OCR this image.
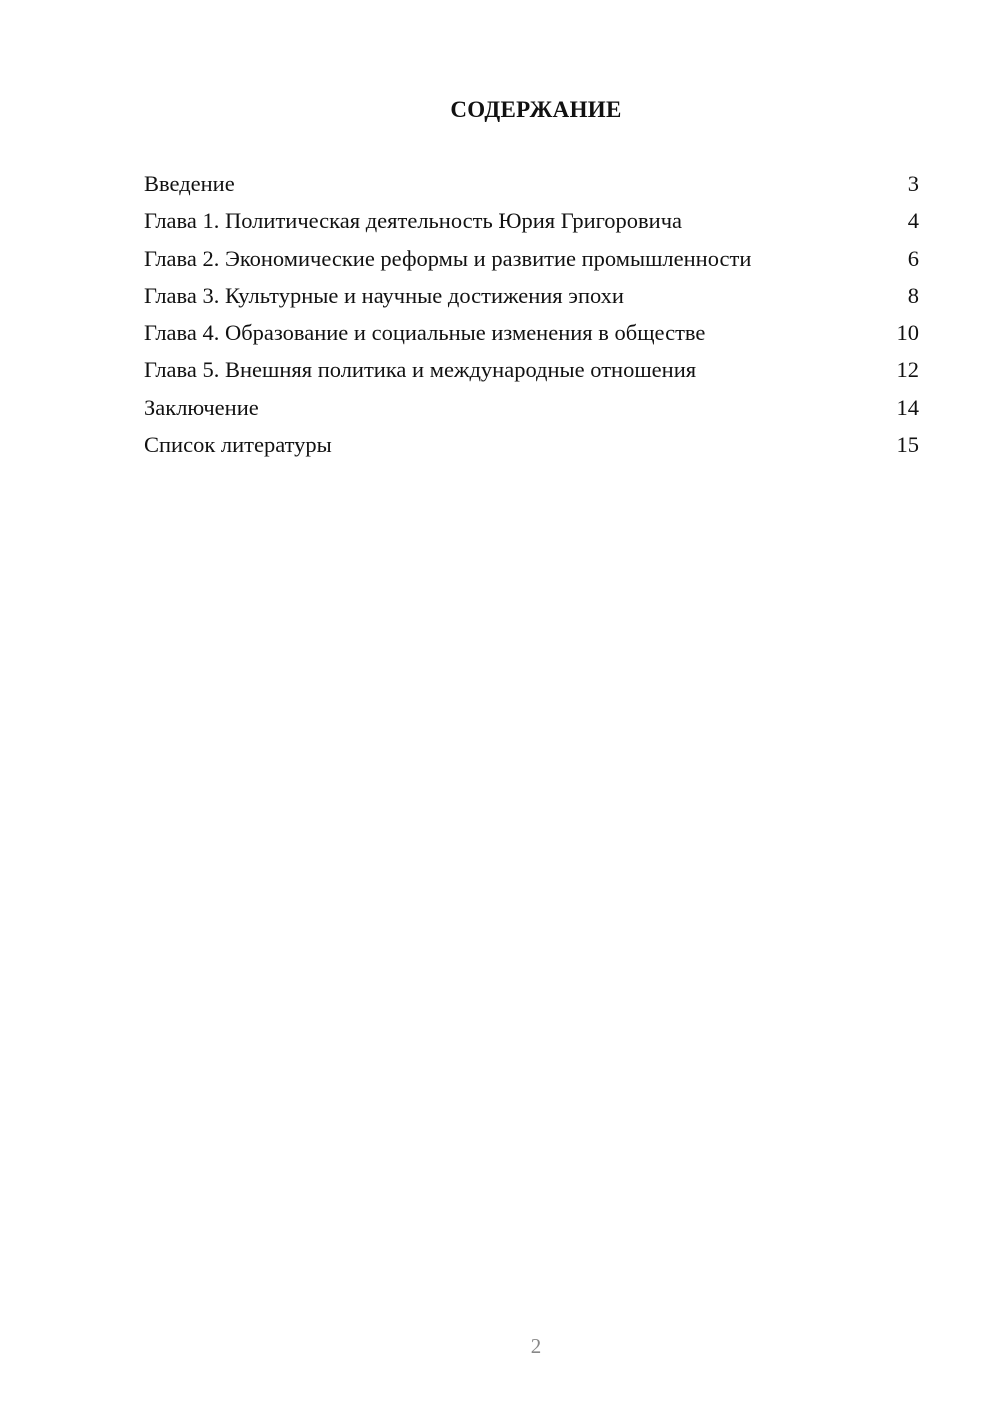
СОДЕРЖАНИЕ
Введение	3
Глава 1. Политическая деятельность Юрия Григоровича	4
Глава 2. Экономические реформы и развитие промышленности	6
Глава 3. Культурные и научные достижения эпохи	8
Глава 4. Образование и социальные изменения в обществе	10
Глава 5. Внешняя политика и международные отношения	12
Заключение	14
Список литературы	15
2
